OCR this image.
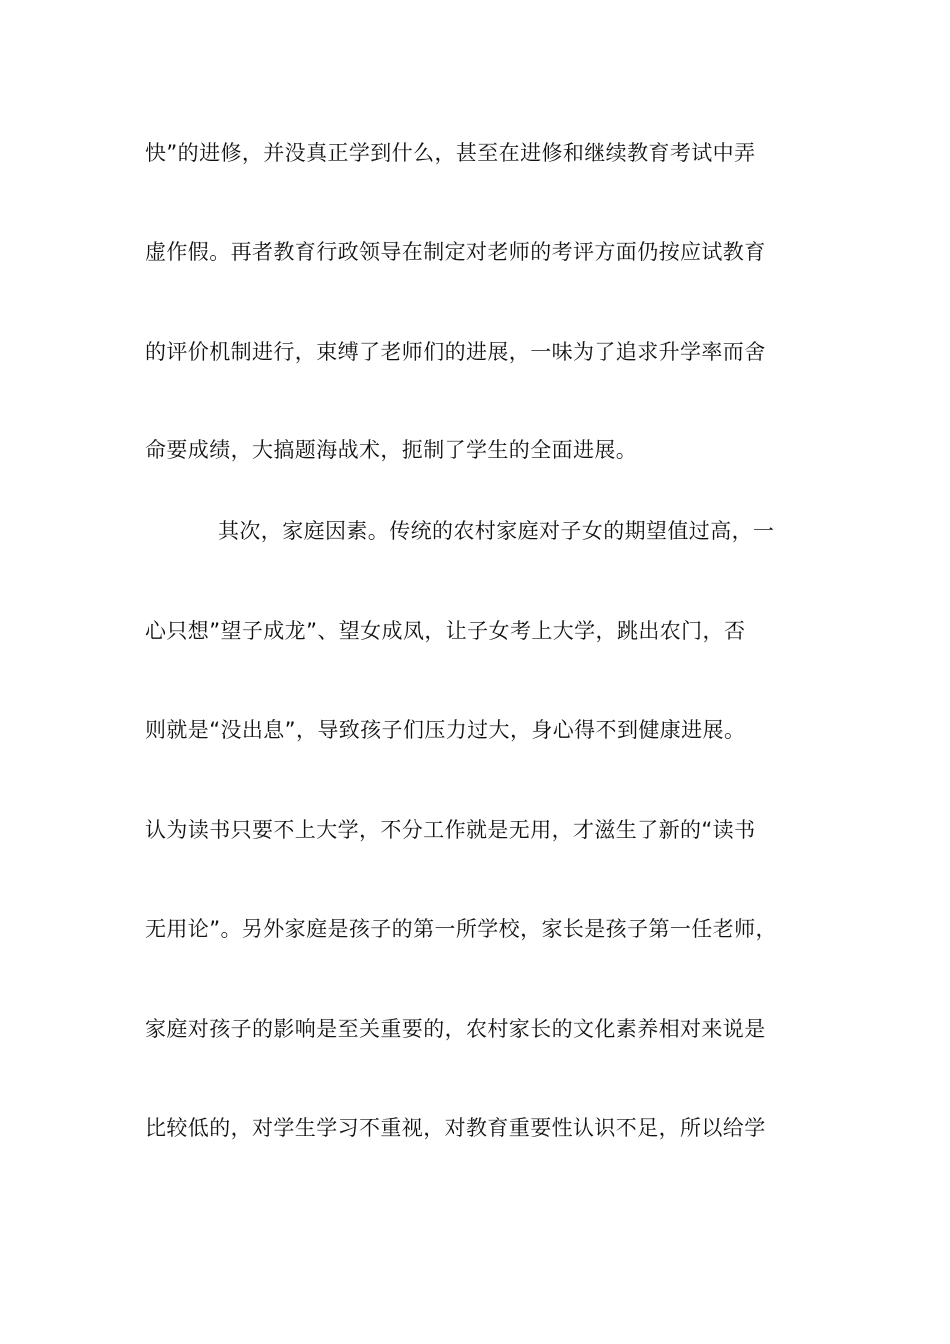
快”的进修，并没真正学到什么，甚至在进修和继续教育考试中弄
虚作假。再者教育行政领导在制定对老师的考评方面仍按应试教育
的评价机制进行，束缚了老师们的进展，一味为了追求升学率而舍
命要成绩，大搞题海战术，扼制了学生的全面进展。
其次，家庭因素。传统的农村家庭对子女的期望值过高，一
心只想”望子成龙”、望女成凤，让子女考上大学，跳出农门，否
则就是“没出息”，导致孩子们压力过大，身心得不到健康进展。
认为读书只要不上大学，不分工作就是无用，才滋生了新的“读书
无用论”。另外家庭是孩子的第一所学校，家长是孩子第一任老师，
家庭对孩子的影响是至关重要的，农村家长的文化素养相对来说是
比较低的，对学生学习不重视，对教育重要性认识不足，所以给学
